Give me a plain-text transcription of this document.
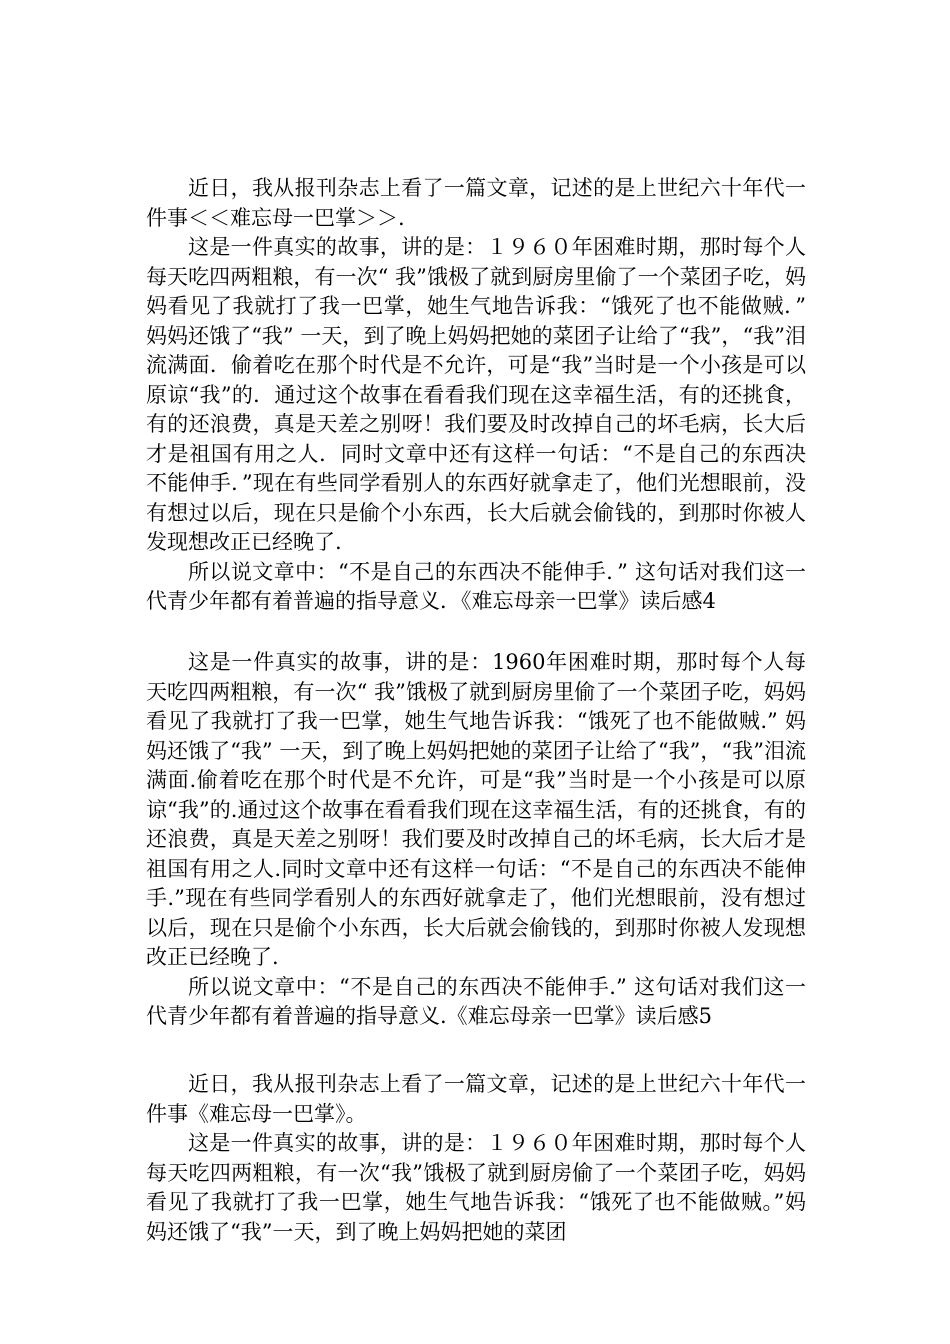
近日，我从报刊杂志上看了一篇文章，记述的是上世纪六十年代一件事＜＜难忘母一巴掌＞＞.

这是一件真实的故事，讲的是：１９６０年困难时期，那时每个人每天吃四两粗粮，有一次“ 我”饿极了就到厨房里偷了一个菜团子吃，妈妈看见了我就打了我一巴掌，她生气地告诉我：“饿死了也不能做贼．” 妈妈还饿了“我” 一天，到了晚上妈妈把她的菜团子让给了“我”，“我”泪流满面．偷着吃在那个时代是不允许，可是“我”当时是一个小孩是可以原谅“我”的．通过这个故事在看看我们现在这幸福生活，有的还挑食，有的还浪费，真是天差之别呀！我们要及时改掉自己的坏毛病，长大后才是祖国有用之人．同时文章中还有这样一句话：“不是自己的东西决不能伸手．”现在有些同学看别人的东西好就拿走了，他们光想眼前，没有想过以后，现在只是偷个小东西，长大后就会偷钱的，到那时你被人发现想改正已经晚了.

所以说文章中：“不是自己的东西决不能伸手．” 这句话对我们这一代青少年都有着普遍的指导意义．《难忘母亲一巴掌》读后感4

这是一件真实的故事，讲的是：1960年困难时期，那时每个人每天吃四两粗粮，有一次“ 我”饿极了就到厨房里偷了一个菜团子吃，妈妈看见了我就打了我一巴掌，她生气地告诉我：“饿死了也不能做贼.” 妈妈还饿了“我” 一天，到了晚上妈妈把她的菜团子让给了“我”，“我”泪流满面.偷着吃在那个时代是不允许，可是“我”当时是一个小孩是可以原谅“我”的.通过这个故事在看看我们现在这幸福生活，有的还挑食，有的还浪费，真是天差之别呀！我们要及时改掉自己的坏毛病，长大后才是祖国有用之人.同时文章中还有这样一句话：“不是自己的东西决不能伸手.”现在有些同学看别人的东西好就拿走了，他们光想眼前，没有想过以后，现在只是偷个小东西，长大后就会偷钱的，到那时你被人发现想改正已经晚了.

所以说文章中：“不是自己的东西决不能伸手.” 这句话对我们这一代青少年都有着普遍的指导意义.《难忘母亲一巴掌》读后感5

近日，我从报刊杂志上看了一篇文章，记述的是上世纪六十年代一件事《难忘母一巴掌》。

这是一件真实的故事，讲的是：１９６０年困难时期，那时每个人每天吃四两粗粮，有一次“我”饿极了就到厨房偷了一个菜团子吃，妈妈看见了我就打了我一巴掌，她生气地告诉我：“饿死了也不能做贼。”妈妈还饿了“我”一天，到了晚上妈妈把她的菜团
